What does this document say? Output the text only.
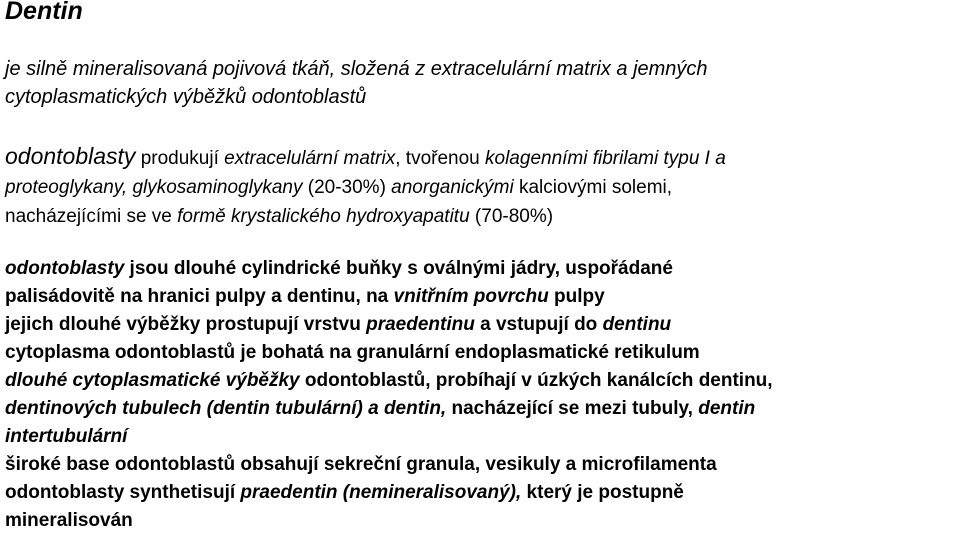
Dentin

je silně mineralisovaná pojivová tkáň, složená z extracelulární matrix a jemných
cytoplasmatických výběžků odontoblastů

odontoblasty produkují extracelulární matrix, tvořenou kolagenními fibrilami typu I a
proteoglykany, glykosaminoglykany (20-30%) anorganickými kalciovými solemi,
nacházejícími se ve formě krystalického hydroxyapatitu (70-80%)

odontoblasty jsou dlouhé cylindrické buňky s oválnými jádry, uspořádané
palisádovitě na hranici pulpy a dentinu, na vnitřním povrchu pulpy
jejich dlouhé výběžky prostupují vrstvu praedentinu a vstupují do dentinu
cytoplasma odontoblastů je bohatá na granulární endoplasmatické retikulum
dlouhé cytoplasmatické výběžky odontoblastů, probíhají v úzkých kanálcích dentinu,
dentinových tubulech (dentin tubulární) a dentin, nacházející se mezi tubuly, dentin
intertubulární
široké base odontoblastů obsahují sekreční granula, vesikuly a microfilamenta
odontoblasty synthetisují praedentin (nemineralisovaný), který je postupně
mineralisován
